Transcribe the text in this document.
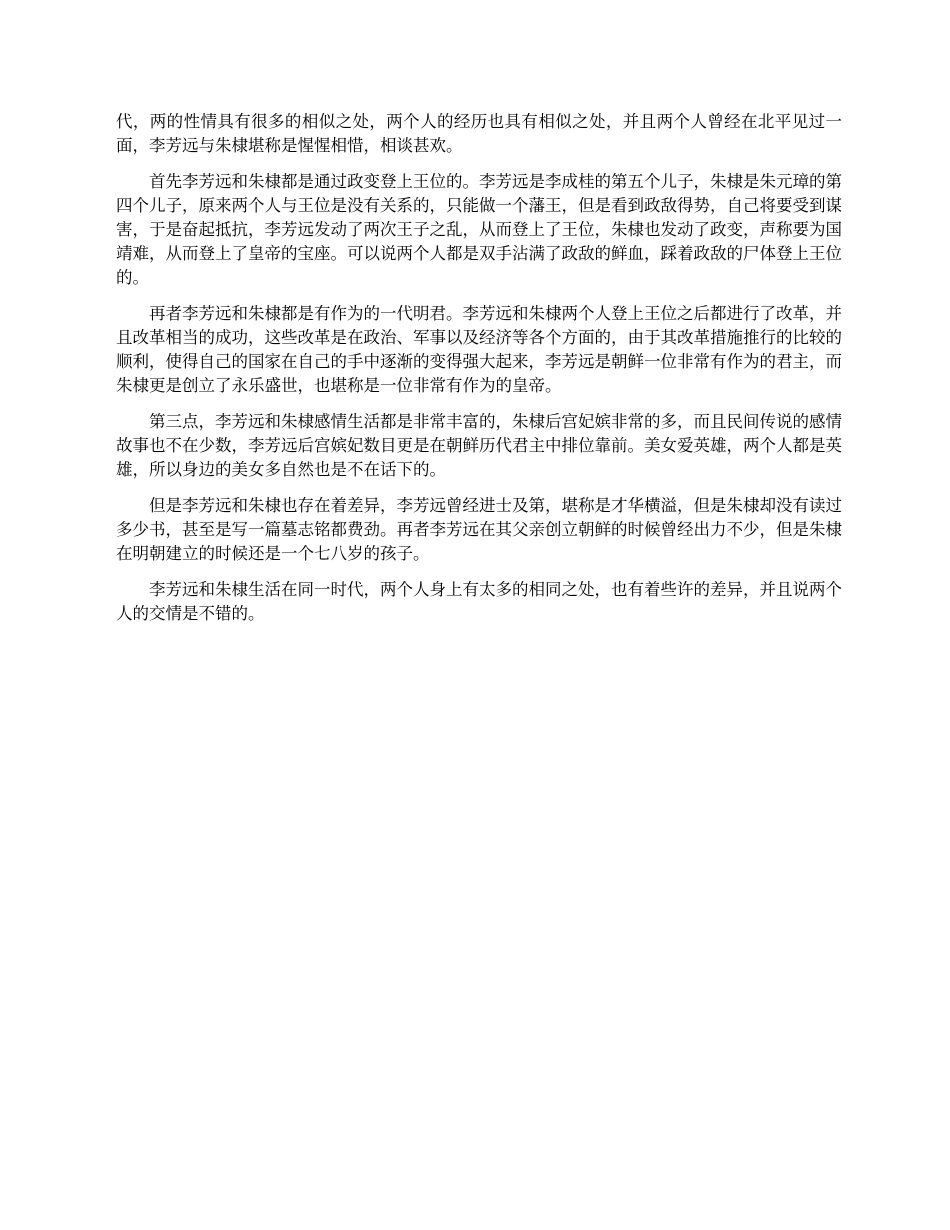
代，两的性情具有很多的相似之处，两个人的经历也具有相似之处，并且两个人曾经在北平见过一面，李芳远与朱棣堪称是惺惺相惜，相谈甚欢。

首先李芳远和朱棣都是通过政变登上王位的。李芳远是李成桂的第五个儿子，朱棣是朱元璋的第四个儿子，原来两个人与王位是没有关系的，只能做一个藩王，但是看到政敌得势，自己将要受到谋害，于是奋起抵抗，李芳远发动了两次王子之乱，从而登上了王位，朱棣也发动了政变，声称要为国靖难，从而登上了皇帝的宝座。可以说两个人都是双手沾满了政敌的鲜血，踩着政敌的尸体登上王位的。

再者李芳远和朱棣都是有作为的一代明君。李芳远和朱棣两个人登上王位之后都进行了改革，并且改革相当的成功，这些改革是在政治、军事以及经济等各个方面的，由于其改革措施推行的比较的顺利，使得自己的国家在自己的手中逐渐的变得强大起来，李芳远是朝鲜一位非常有作为的君主，而朱棣更是创立了永乐盛世，也堪称是一位非常有作为的皇帝。

第三点，李芳远和朱棣感情生活都是非常丰富的，朱棣后宫妃嫔非常的多，而且民间传说的感情故事也不在少数，李芳远后宫嫔妃数目更是在朝鲜历代君主中排位靠前。美女爱英雄，两个人都是英雄，所以身边的美女多自然也是不在话下的。

但是李芳远和朱棣也存在着差异，李芳远曾经进士及第，堪称是才华横溢，但是朱棣却没有读过多少书，甚至是写一篇墓志铭都费劲。再者李芳远在其父亲创立朝鲜的时候曾经出力不少，但是朱棣在明朝建立的时候还是一个七八岁的孩子。

李芳远和朱棣生活在同一时代，两个人身上有太多的相同之处，也有着些许的差异，并且说两个人的交情是不错的。
